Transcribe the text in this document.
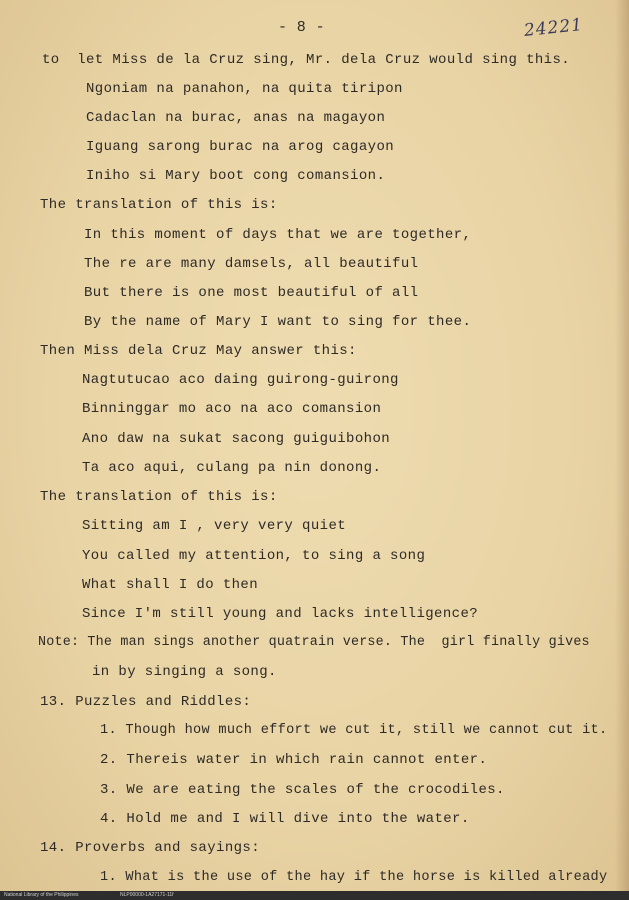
- 8 -	24221
to  let Miss de la Cruz sing, Mr. dela Cruz would sing this.
Ngoniam na panahon, na quita tiripon
Cadaclan na burac, anas na magayon
Iguang sarong burac na arog cagayon
Iniho si Mary boot cong comansion.
The translation of this is:
In this moment of days that we are together,
The re are many damsels, all beautiful
But there is one most beautiful of all
By the name of Mary I want to sing for thee.
Then Miss dela Cruz May answer this:
Nagtutucao aco daing guirong-guirong
Binninggar mo aco na aco comansion
Ano daw na sukat sacong guiguibohon
Ta aco aqui, culang pa nin donong.
The translation of this is:
Sitting am I , very very quiet
You called my attention, to sing a song
What shall I do then
Since I'm still young and lacks intelligence?
Note: The man sings another quatrain verse. The  girl finally gives
in by singing a song.
13. Puzzles and Riddles:
1. Though how much effort we cut it, still we cannot cut it.
2. Thereis water in which rain cannot enter.
3. We are eating the scales of the crocodiles.
4. Hold me and I will dive into the water.
14. Proverbs and sayings:
1. What is the use of the hay if the horse is killed already
National Library of the Philippines	NLP00000-1A27171-11f
